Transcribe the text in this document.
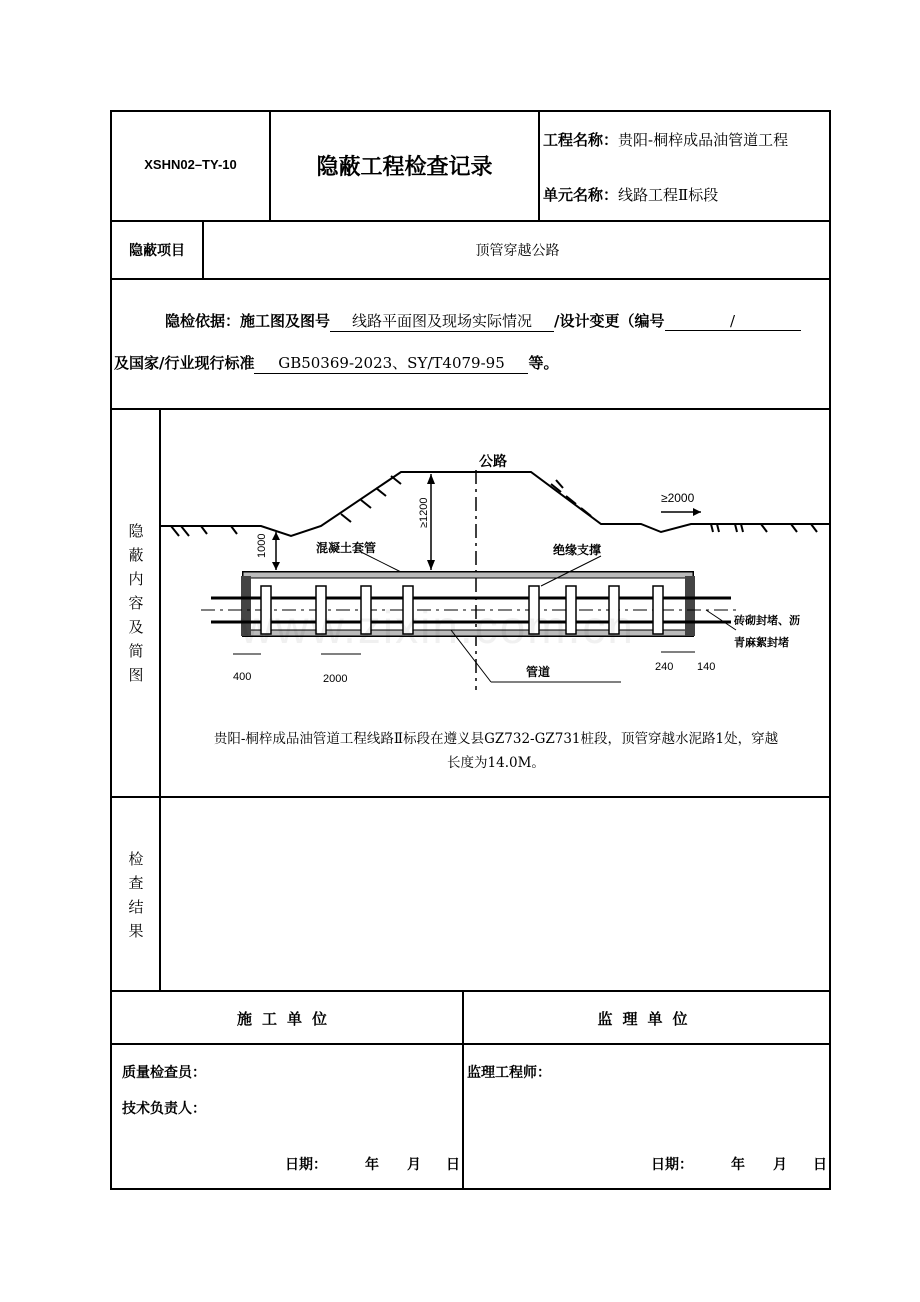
XSHN02–TY-10	隐蔽工程检查记录
工程名称：贵阳-桐梓成品油管道工程
单元名称：线路工程Ⅱ标段
隐蔽项目	顶管穿越公路
隐检依据：施工图及图号 线路平面图及现场实际情况 /设计变更（编号	/
及国家/行业现行标准 GB50369-2023、SY/T4079-95 等。
隐
蔽
内
容
及
简
图
≥1200
1000
≥2000
公路
混凝土套管	绝缘支撑
管道
砖砌封堵、沥
青麻絮封堵
400	2000
240 140
www.zixin.com.cn
贵阳-桐梓成品油管道工程线路Ⅱ标段在遵义县GZ732-GZ731桩段，顶管穿越水泥路1处，穿越
长度为14.0M。
检
查
结
果
施工单位	监理单位
质量检查员：
技术负责人：
监理工程师：
日期：	年 月 日	日期：	年 月 日
